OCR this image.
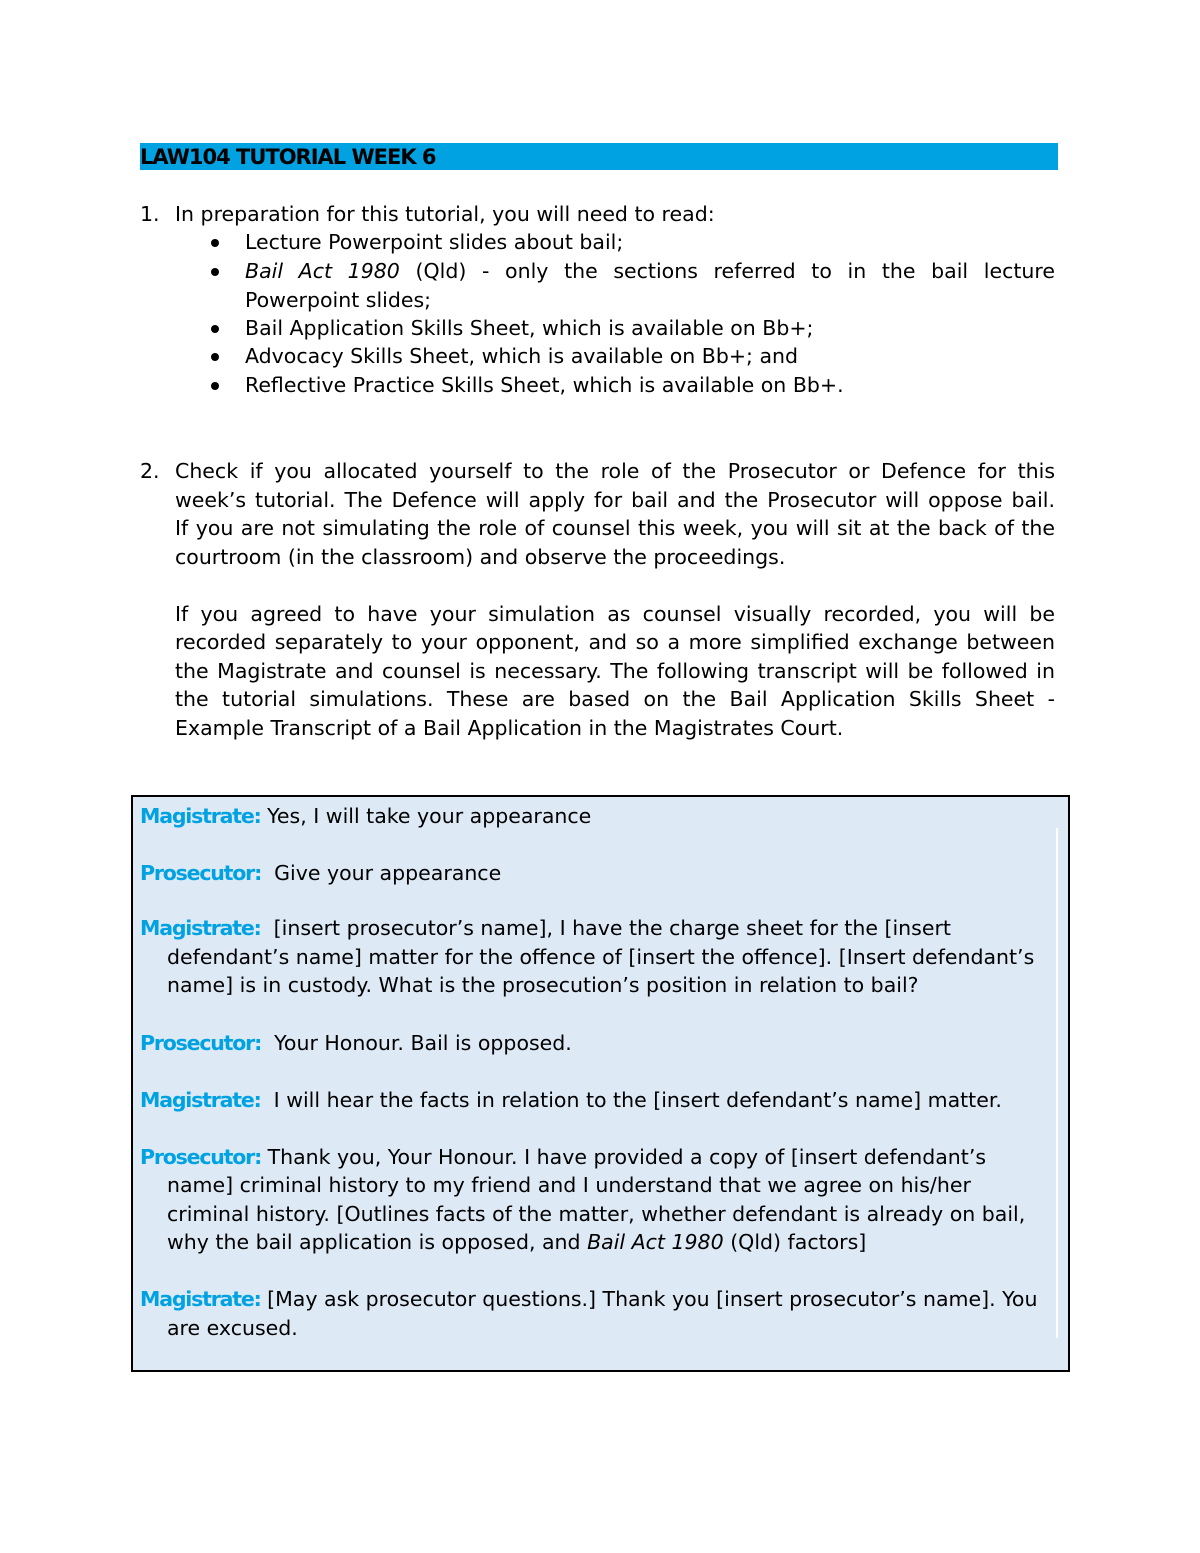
LAW104 TUTORIAL WEEK 6
1. In preparation for this tutorial, you will need to read:
Lecture Powerpoint slides about bail;
Bail Act 1980 (Qld) - only the sections referred to in the bail lecture
Powerpoint slides;
Bail Application Skills Sheet, which is available on Bb+;
Advocacy Skills Sheet, which is available on Bb+; and
Reflective Practice Skills Sheet, which is available on Bb+.
2. Check if you allocated yourself to the role of the Prosecutor or Defence for this
week’s tutorial. The Defence will apply for bail and the Prosecutor will oppose bail.
If you are not simulating the role of counsel this week, you will sit at the back of the
courtroom (in the classroom) and observe the proceedings.
If you agreed to have your simulation as counsel visually recorded, you will be
recorded separately to your opponent, and so a more simplified exchange between
the Magistrate and counsel is necessary. The following transcript will be followed in
the tutorial simulations. These are based on the Bail Application Skills Sheet -
Example Transcript of a Bail Application in the Magistrates Court.
Magistrate: Yes, I will take your appearance
Prosecutor: Give your appearance
Magistrate: [insert prosecutor’s name], I have the charge sheet for the [insert
defendant’s name] matter for the offence of [insert the offence]. [Insert defendant’s
name] is in custody. What is the prosecution’s position in relation to bail?
Prosecutor: Your Honour. Bail is opposed.
Magistrate: I will hear the facts in relation to the [insert defendant’s name] matter.
Prosecutor: Thank you, Your Honour. I have provided a copy of [insert defendant’s
name] criminal history to my friend and I understand that we agree on his/her
criminal history. [Outlines facts of the matter, whether defendant is already on bail,
why the bail application is opposed, and Bail Act 1980 (Qld) factors]
Magistrate: [May ask prosecutor questions.] Thank you [insert prosecutor’s name]. You
are excused.
